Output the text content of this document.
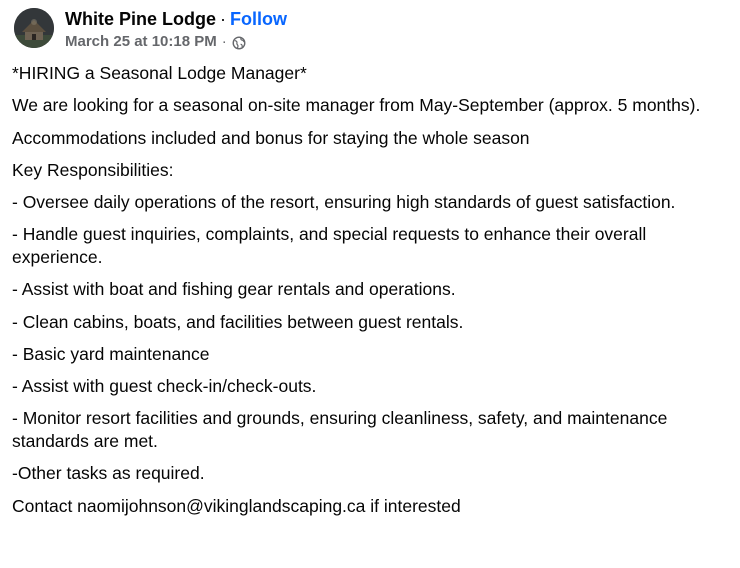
White Pine Lodge · Follow
March 25 at 10:18 PM ·

*HIRING a Seasonal Lodge Manager*

We are looking for a seasonal on-site manager from May-September (approx. 5 months).

Accommodations included and bonus for staying the whole season

Key Responsibilities:

- Oversee daily operations of the resort, ensuring high standards of guest satisfaction.

- Handle guest inquiries, complaints, and special requests to enhance their overall experience.

- Assist with boat and fishing gear rentals and operations.

- Clean cabins, boats, and facilities between guest rentals.

- Basic yard maintenance

- Assist with guest check-in/check-outs.

- Monitor resort facilities and grounds, ensuring cleanliness, safety, and maintenance standards are met.

-Other tasks as required.

Contact naomijohnson@vikinglandscaping.ca if interested
